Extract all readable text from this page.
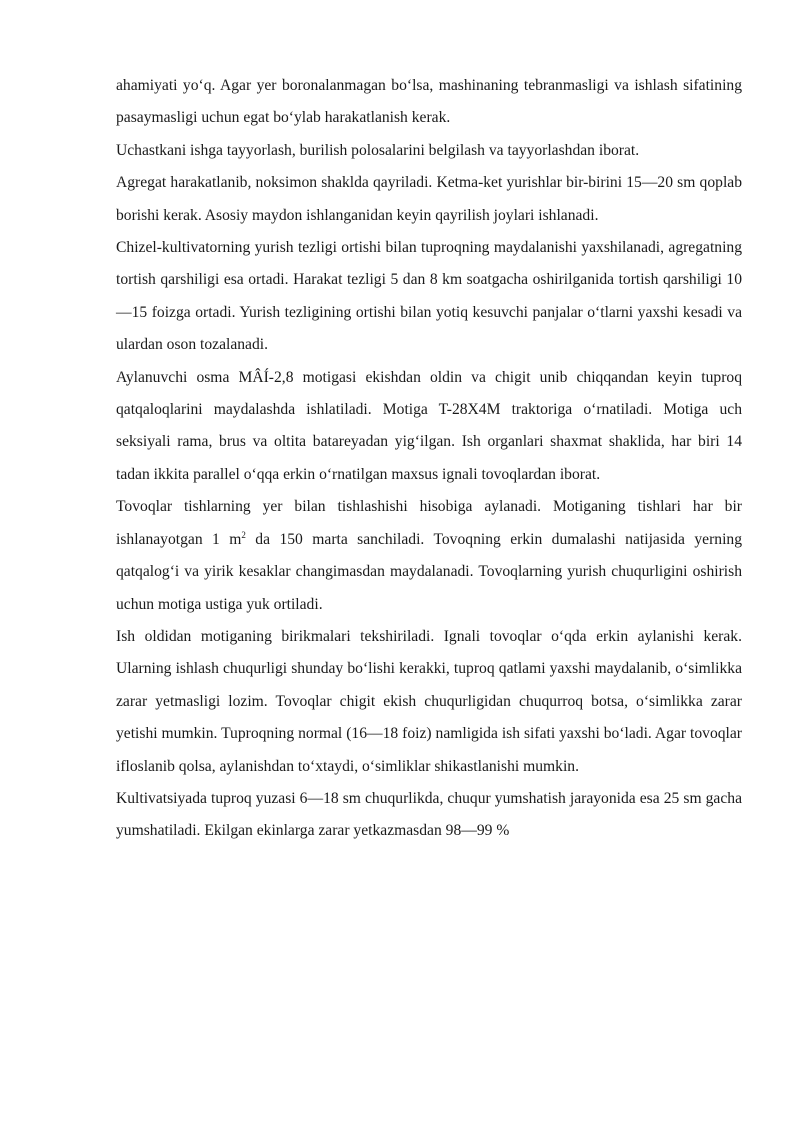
ahamiyati yo‘q. Agar yer boronalanmagan bo‘lsa, mashinaning tebranmasligi va ishlash sifatining pasaymasligi uchun egat bo‘ylab harakatlanish kerak.

Uchastkani ishga tayyorlash, burilish polosalarini belgilash va tayyorlashdan iborat.

Agregat harakatlanib, noksimon shaklda qayriladi. Ketma-ket yurishlar bir-birini 15—20 sm qoplab borishi kerak. Asosiy maydon ishlanganidan keyin qayrilish joylari ishlanadi.

Chizel-kultivatorning yurish tezligi ortishi bilan tuproqning maydalanishi yaxshilanadi, agregatning tortish qarshiligi esa ortadi. Harakat tezligi 5 dan 8 km soatgacha oshirilganida tortish qarshiligi 10—15 foizga ortadi. Yurish tezligining ortishi bilan yotiq kesuvchi panjalar o‘tlarni yaxshi kesadi va ulardan oson tozalanadi.

Aylanuvchi osma MÂÍ-2,8 motigasi ekishdan oldin va chigit unib chiqqandan keyin tuproq qatqaloqlarini maydalashda ishlatiladi. Motiga T-28X4M traktoriga o‘rnatiladi. Motiga uch seksiyali rama, brus va oltita batareyadan yig‘ilgan. Ish organlari shaxmat shaklida, har biri 14 tadan ikkita parallel o‘qqa erkin o‘rnatilgan maxsus ignali tovoqlardan iborat.

Tovoqlar tishlarning yer bilan tishlashishi hisobiga aylanadi. Motiganing tishlari har bir ishlanayotgan 1 $m^2$ da 150 marta sanchiladi. Tovoqning erkin dumalashi natijasida yerning qatqalog‘i va yirik kesaklar changimasdan maydalanadi. Tovoqlarning yurish chuqurligini oshirish uchun motiga ustiga yuk ortiladi.

Ish oldidan motiganing birikmalari tekshiriladi. Ignali tovoqlar o‘qda erkin aylanishi kerak. Ularning ishlash chuqurligi shunday bo‘lishi kerakki, tuproq qatlami yaxshi maydalanib, o‘simlikka zarar yetmasligi lozim. Tovoqlar chigit ekish chuqurligidan chuqurroq botsa, o‘simlikka zarar yetishi mumkin. Tuproqning normal (16—18 foiz) namligida ish sifati yaxshi bo‘ladi. Agar tovoqlar ifloslanib qolsa, aylanishdan to‘xtaydi, o‘simliklar shikastlanishi mumkin.

Kultivatsiyada tuproq yuzasi 6—18 sm chuqurlikda, chuqur yumshatish jarayonida esa 25 sm gacha yumshatiladi. Ekilgan ekinlarga zarar yetkazmasdan 98—99 %
